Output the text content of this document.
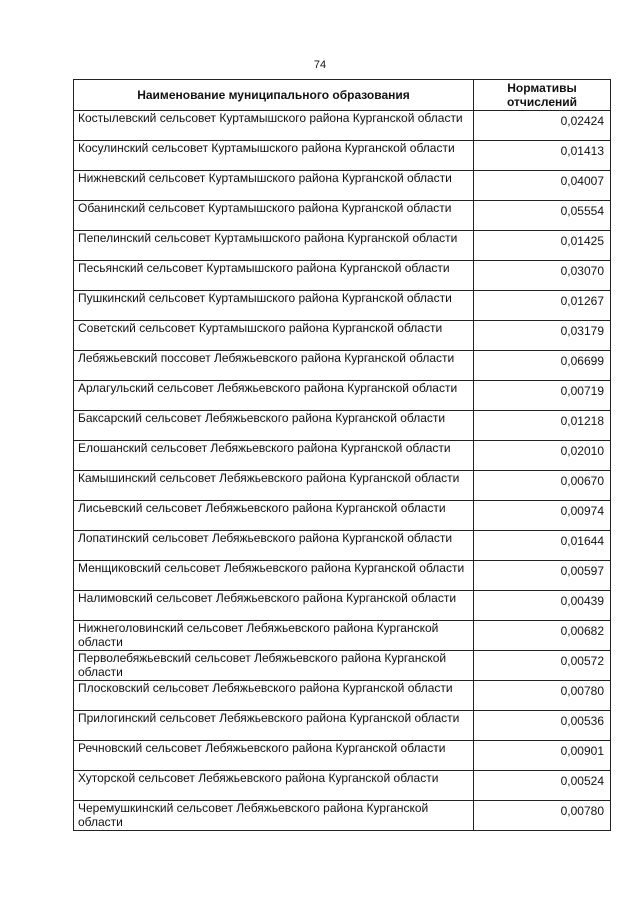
74
Наименование муниципального образования	Нормативы отчислений
Костылевский сельсовет Куртамышского района Курганской области	0,02424
Косулинский сельсовет Куртамышского района Курганской области	0,01413
Нижневский сельсовет Куртамышского района Курганской области	0,04007
Обанинский сельсовет Куртамышского района Курганской области	0,05554
Пепелинский сельсовет Куртамышского района Курганской области	0,01425
Песьянский сельсовет Куртамышского района Курганской области	0,03070
Пушкинский сельсовет Куртамышского района Курганской области	0,01267
Советский сельсовет Куртамышского района Курганской области	0,03179
Лебяжьевский поссовет Лебяжьевского района Курганской области	0,06699
Арлагульский сельсовет Лебяжьевского района Курганской области	0,00719
Баксарский сельсовет Лебяжьевского района Курганской области	0,01218
Елошанский сельсовет Лебяжьевского района Курганской области	0,02010
Камышинский сельсовет Лебяжьевского района Курганской области	0,00670
Лисьевский сельсовет Лебяжьевского района Курганской области	0,00974
Лопатинский сельсовет Лебяжьевского района Курганской области	0,01644
Менщиковский сельсовет Лебяжьевского района Курганской области	0,00597
Налимовский сельсовет Лебяжьевского района Курганской области	0,00439
Нижнеголовинский сельсовет Лебяжьевского района Курганской области	0,00682
Перволебяжьевский сельсовет Лебяжьевского района Курганской области	0,00572
Плосковский сельсовет Лебяжьевского района Курганской области	0,00780
Прилогинский сельсовет Лебяжьевского района Курганской области	0,00536
Речновский сельсовет Лебяжьевского района Курганской области	0,00901
Хуторской сельсовет Лебяжьевского района Курганской области	0,00524
Черемушкинский сельсовет Лебяжьевского района Курганской области	0,00780
